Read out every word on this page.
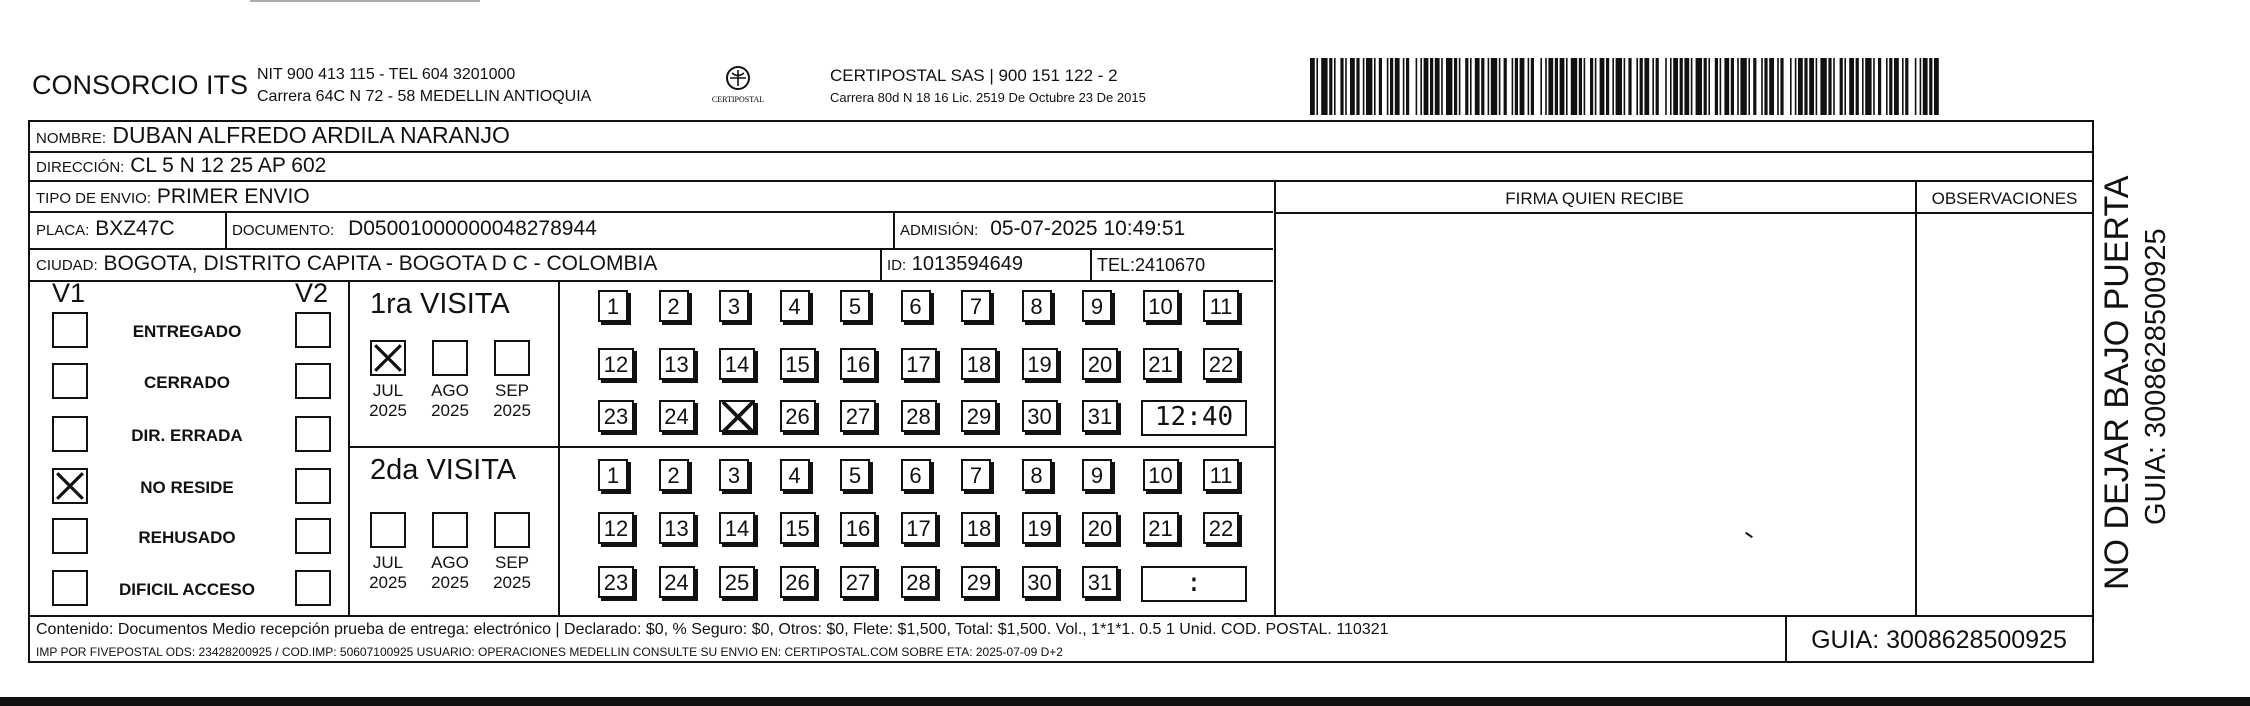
CONSORCIO ITS NIT 900 413 115 - TEL 604 3201000
Carrera 64C N 72 - 58 MEDELLIN ANTIOQUIA	CERTIPOSTAL
CERTIPOSTAL SAS | 900 151 122 - 2
Carrera 80d N 18 16 Lic. 2519 De Octubre 23 De 2015
NOMBRE: DUBAN ALFREDO ARDILA NARANJO
DIRECCIÓN: CL 5 N 12 25 AP 602
TIPO DE ENVIO: PRIMER ENVIO
PLACA: BXZ47C	DOCUMENTO: D05001000000048278944	ADMISIÓN: 05-07-2025 10:49:51
CIUDAD: BOGOTA, DISTRITO CAPITA - BOGOTA D C - COLOMBIA	ID: 1013594649	TEL:2410670
FIRMA QUIEN RECIBE	OBSERVACIONES
V1	V2
ENTREGADO
CERRADO
DIR. ERRADA
NO RESIDE
REHUSADO
DIFICIL ACCESO
1ra VISITA
2da VISITA
JUL
2025
AGO
2025
SEP
2025
JUL
2025
AGO
2025
SEP
2025
1	2	3	4	5	6	7	8	9	10 11
12 13 14 15 16 17 18 19 20 21 22
23 24	26 27 28 29 30 31	12:40
1	2	3	4	5	6	7	8	9	10 11
12 13 14 15 16 17 18 19 20 21 22
23 24 25 26 27 28 29 30 31	:
Contenido: Documentos Medio recepción prueba de entrega: electrónico | Declarado: $0, % Seguro: $0, Otros: $0, Flete: $1,500, Total: $1,500. Vol., 1*1*1. 0.5 1 Unid. COD. POSTAL. 110321
IMP POR FIVEPOSTAL ODS: 23428200925 / COD.IMP: 50607100925 USUARIO: OPERACIONES MEDELLIN CONSULTE SU ENVIO EN: CERTIPOSTAL.COM SOBRE ETA: 2025-07-09 D+2	GUIA: 3008628500925
NO DEJAR BAJO PUERTA GUIA: 3008628500925
